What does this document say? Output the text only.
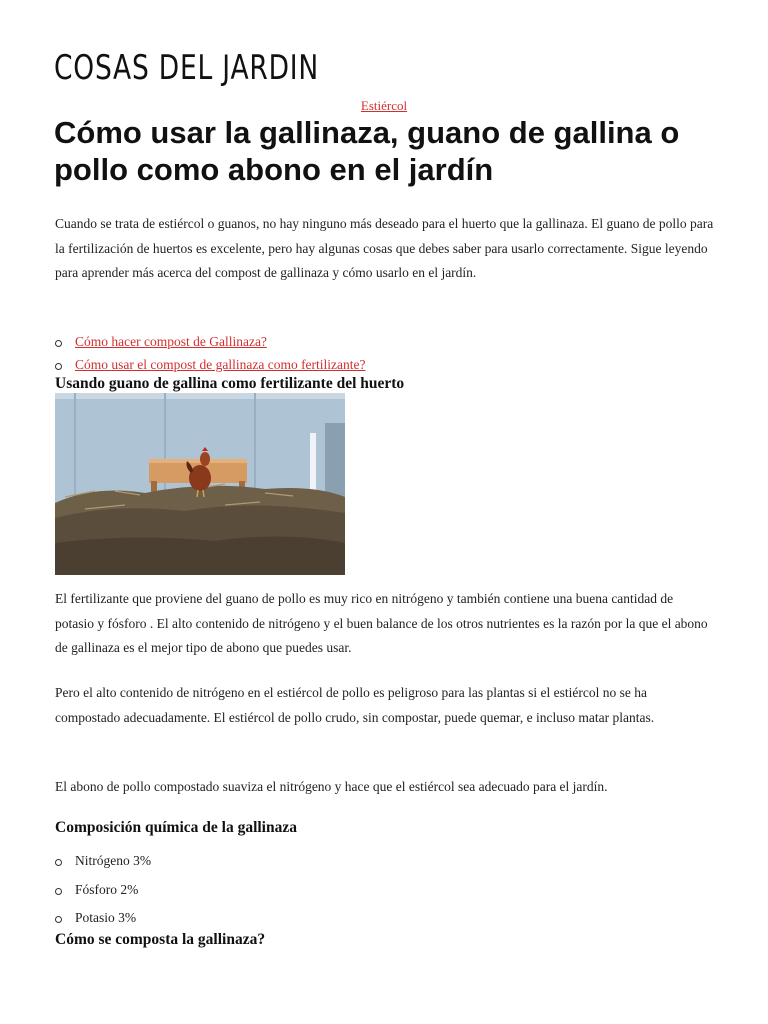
COSAS DEL JARDIN
Estiércol
Cómo usar la gallinaza, guano de gallina o pollo como abono en el jardín

Cuando se trata de estiércol o guanos, no hay ninguno más deseado para el huerto que la gallinaza. El guano de pollo para la fertilización de huertos es excelente, pero hay algunas cosas que debes saber para usarlo correctamente. Sigue leyendo para aprender más acerca del compost de gallinaza y cómo usarlo en el jardín.

Cómo hacer compost de Gallinaza?
Cómo usar el compost de gallinaza como fertilizante?
Usando guano de gallina como fertilizante del huerto

El fertilizante que proviene del guano de pollo es muy rico en nitrógeno y también contiene una buena cantidad de potasio y fósforo . El alto contenido de nitrógeno y el buen balance de los otros nutrientes es la razón por la que el abono de gallinaza es el mejor tipo de abono que puedes usar.

Pero el alto contenido de nitrógeno en el estiércol de pollo es peligroso para las plantas si el estiércol no se ha compostado adecuadamente. El estiércol de pollo crudo, sin compostar, puede quemar, e incluso matar plantas.

El abono de pollo compostado suaviza el nitrógeno y hace que el estiércol sea adecuado para el jardín.

Composición química de la gallinaza
Nitrógeno 3%
Fósforo 2%
Potasio 3%
Cómo se composta la gallinaza?
